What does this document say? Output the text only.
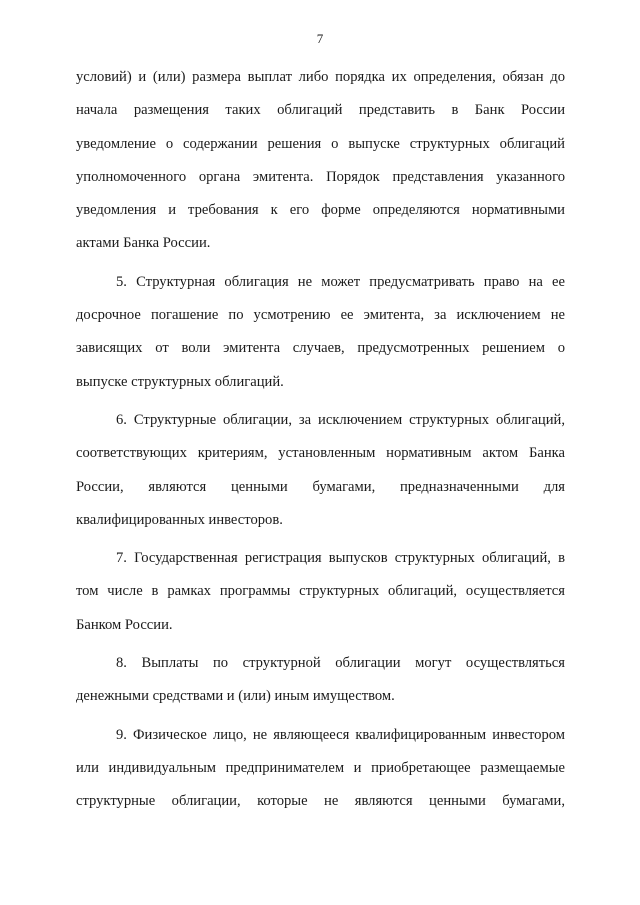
7
условий) и (или) размера выплат либо порядка их определения, обязан до
начала размещения таких облигаций представить в Банк России
уведомление о содержании решения о выпуске структурных облигаций
уполномоченного органа эмитента. Порядок представления указанного
уведомления и требования к его форме определяются нормативными
актами Банка России.
5. Структурная облигация не может предусматривать право на ее
досрочное погашение по усмотрению ее эмитента, за исключением не
зависящих от воли эмитента случаев, предусмотренных решением о
выпуске структурных облигаций.
6. Структурные облигации, за исключением структурных облигаций,
соответствующих критериям, установленным нормативным актом Банка
России, являются ценными бумагами, предназначенными для
квалифицированных инвесторов.
7. Государственная регистрация выпусков структурных облигаций, в
том числе в рамках программы структурных облигаций, осуществляется
Банком России.
8. Выплаты по структурной облигации могут осуществляться
денежными средствами и (или) иным имуществом.
9. Физическое лицо, не являющееся квалифицированным инвестором
или индивидуальным предпринимателем и приобретающее размещаемые
структурные облигации, которые не являются ценными бумагами,
